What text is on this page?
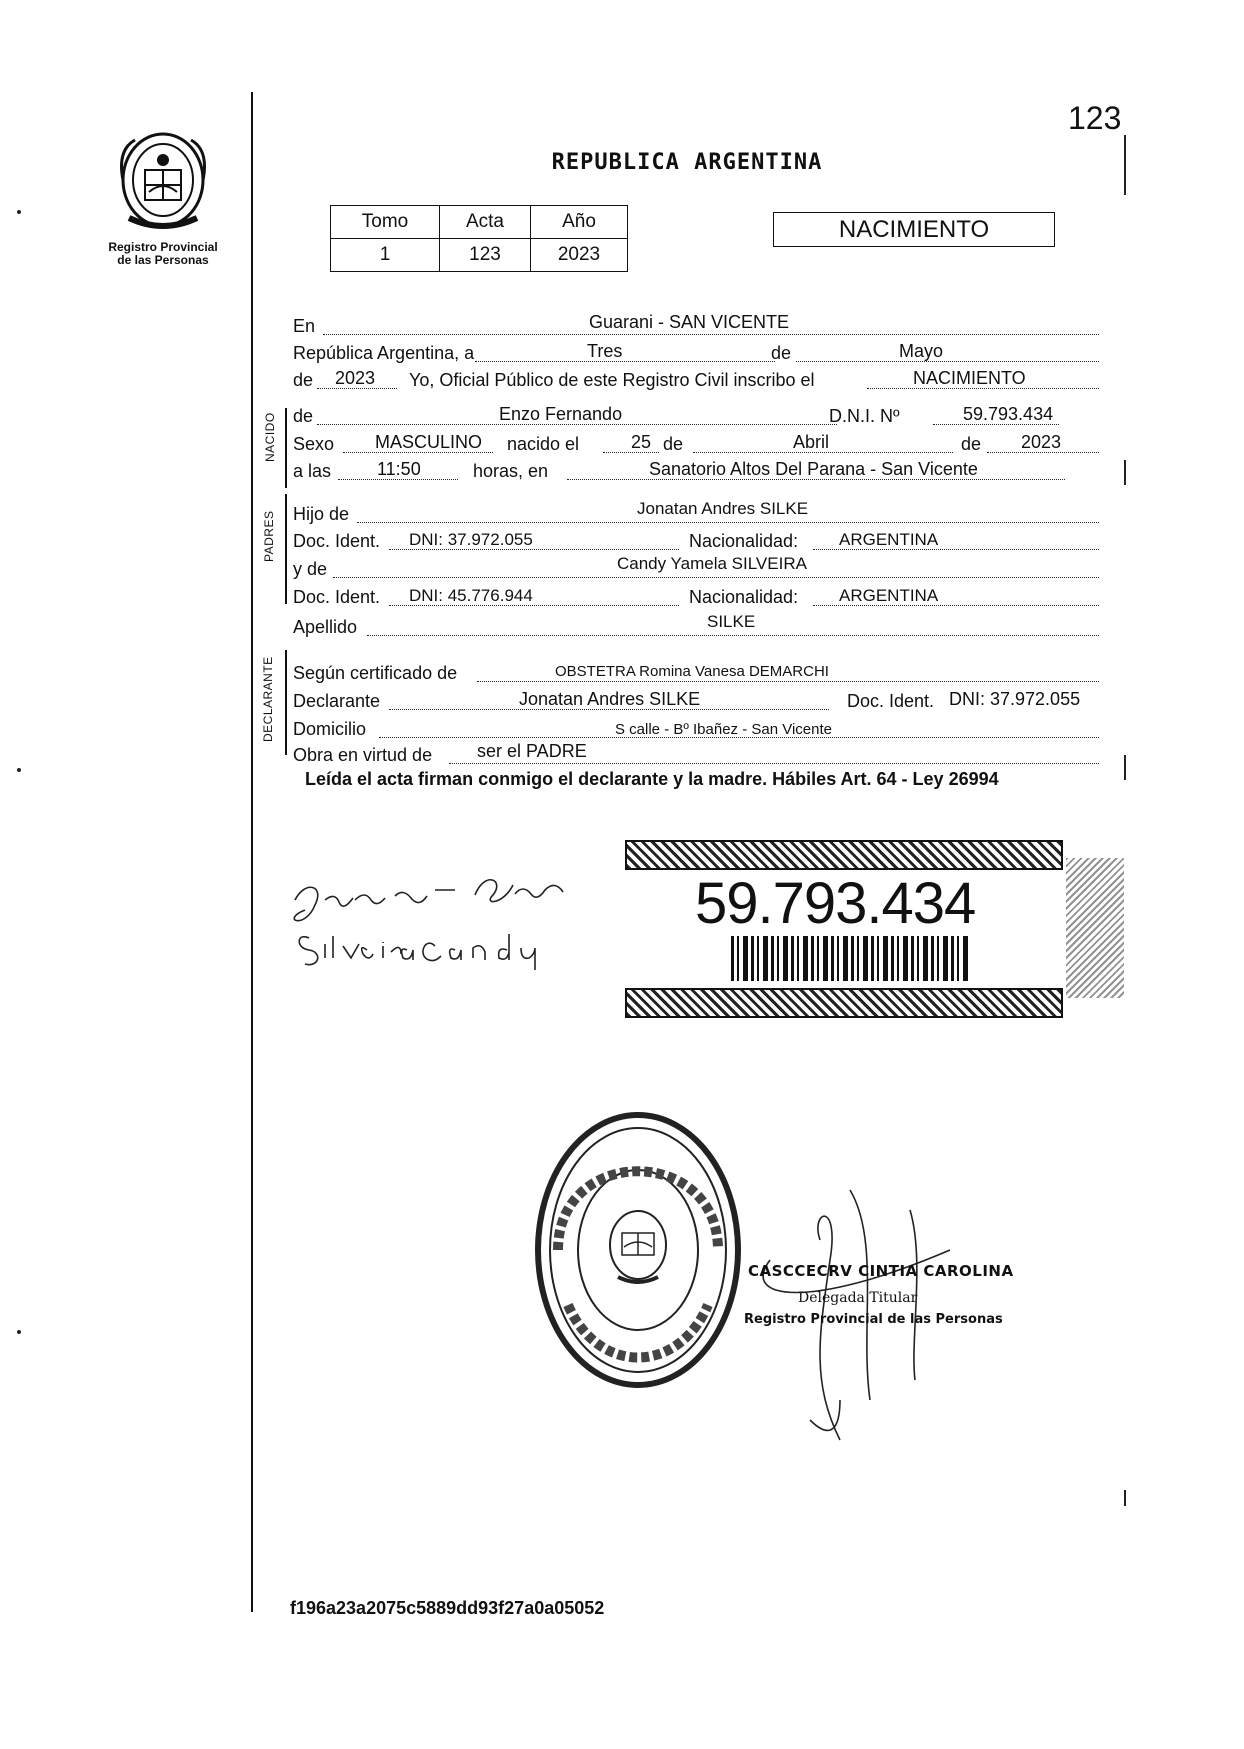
123
Registro Provincial
de las Personas
REPUBLICA ARGENTINA
Tomo	Acta	Año
1	123	2023
NACIMIENTO
NACIDO
PADRES
DECLARANTE
En	Guarani - SAN VICENTE
República Argentina, a	Tres	de	Mayo
de 2023 Yo, Oficial Público de este Registro Civil inscribo el	NACIMIENTO
de	Enzo Fernando	D.N.I. Nº	59.793.434
Sexo MASCULINO nacido el	25 de	Abril	de 2023
a las	11:50	horas, en	Sanatorio Altos Del Parana - San Vicente
Hijo de	Jonatan Andres SILKE
Doc. Ident. DNI: 37.972.055	Nacionalidad: ARGENTINA
y de	Candy Yamela SILVEIRA
Doc. Ident. DNI: 45.776.944	Nacionalidad: ARGENTINA
Apellido	SILKE
Según certificado de	OBSTETRA Romina Vanesa DEMARCHI
Declarante	Jonatan Andres SILKE	Doc. Ident. DNI: 37.972.055
Domicilio	S calle - Bº Ibañez - San Vicente
Obra en virtud de ser el PADRE
Leída el acta firman conmigo el declarante y la madre. Hábiles Art. 64 - Ley 26994
59.793.434
CASCCECRV CINTIA CAROLINA
Delegada Titular
Registro Provincial de las Personas
f196a23a2075c5889dd93f27a0a05052
